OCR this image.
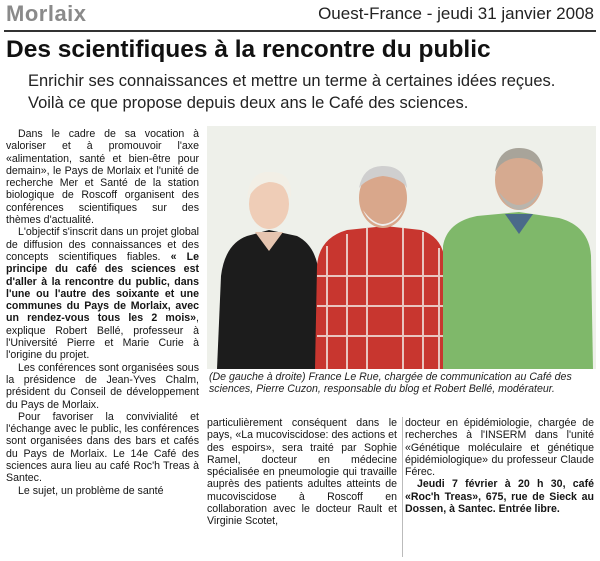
Morlaix	Ouest-France - jeudi 31 janvier 2008
Des scientifiques à la rencontre du public
Enrichir ses connaissances et mettre un terme à certaines idées reçues.
Voilà ce que propose depuis deux ans le Café des sciences.

Dans le cadre de sa vocation à valoriser et à promouvoir l'axe «alimentation, santé et bien-être pour demain», le Pays de Morlaix et l'unité de recherche Mer et Santé de la station biologique de Roscoff organisent des conférences scientifiques sur des thèmes d'actualité.

L'objectif s'inscrit dans un projet global de diffusion des connaissances et des concepts scientifiques fiables. « Le principe du café des sciences est d'aller à la rencontre du public, dans l'une ou l'autre des soixante et une communes du Pays de Morlaix, avec un rendez-vous tous les 2 mois», explique Robert Bellé, professeur à l'Université Pierre et Marie Curie à l'origine du projet.

Les conférences sont organisées sous la présidence de Jean-Yves Chalm, président du Conseil de développement du Pays de Morlaix.

Pour favoriser la convivialité et l'échange avec le public, les conférences sont organisées dans des bars et cafés du Pays de Morlaix. Le 14e Café des sciences aura lieu au café Roc'h Treas à Santec.

Le sujet, un problème de santé

(De gauche à droite) France Le Rue, chargée de communication au Café des sciences, Pierre Cuzon, responsable du blog et Robert Bellé, modérateur.

particulièrement conséquent dans le pays, «La mucoviscidose: des actions et des espoirs», sera traité par Sophie Ramel, docteur en médecine spécialisée en pneumologie qui travaille auprès des patients adultes atteints de mucoviscidose à Roscoff en collaboration avec le docteur Rault et Virginie Scotet,

docteur en épidémiologie, chargée de recherches à l'INSERM dans l'unité «Génétique moléculaire et génétique épidémiologique» du professeur Claude Férec.

Jeudi 7 février à 20 h 30, café «Roc'h Treas», 675, rue de Sieck au Dossen, à Santec. Entrée libre.
